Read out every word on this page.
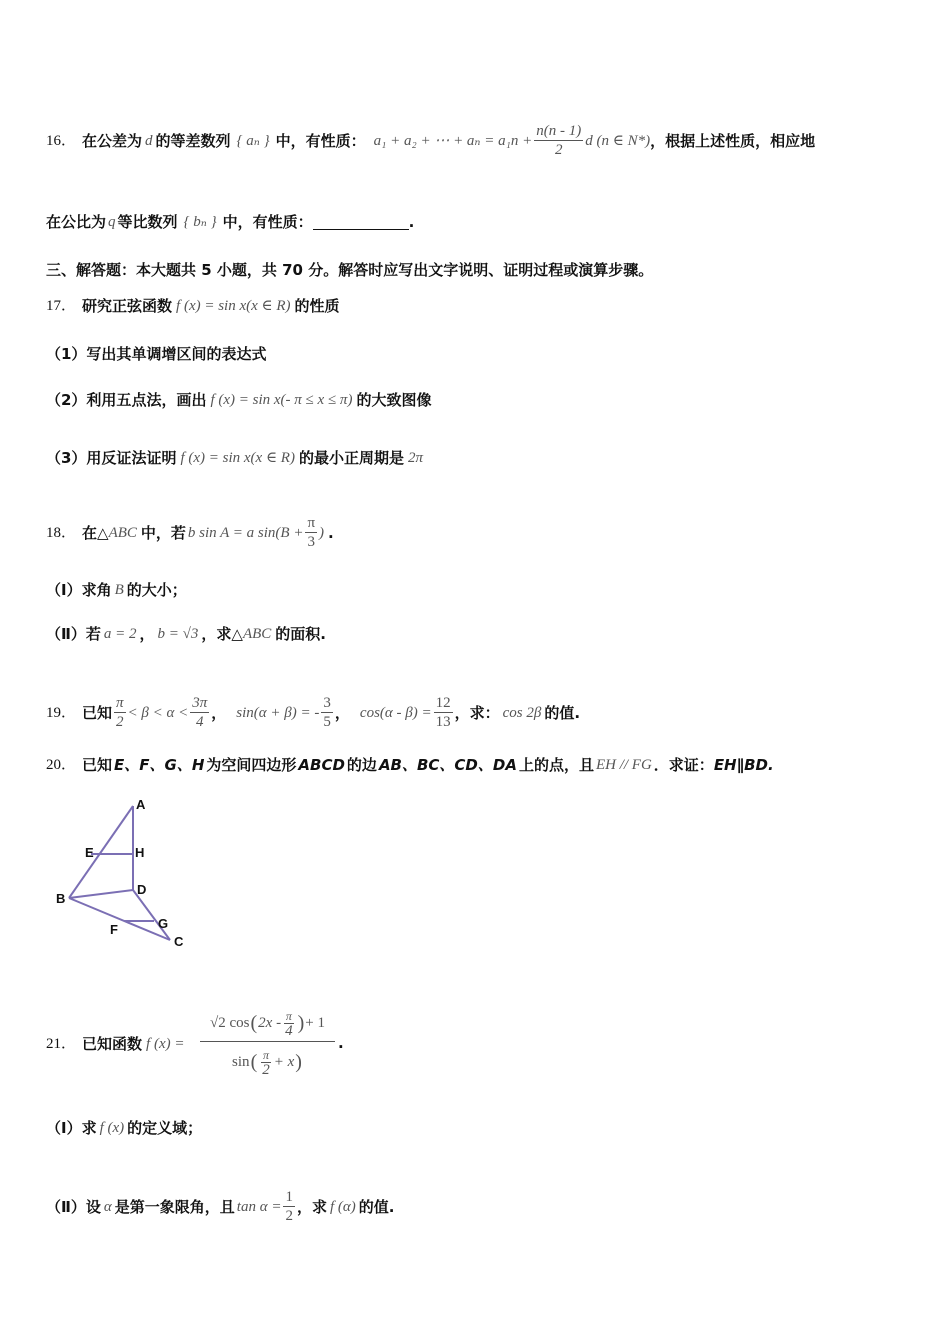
16． 在公差为 d 的等差数列 { aₙ } 中，有性质： a₁ + a₂ + ⋯ + $a_n = a_1n + \frac{n(n - 1)}{2}$ d (n ∈ N*) ，根据上述性质，相应地
在公比为 q 等比数列 { bₙ } 中，有性质：	.
三、解答题：本大题共 5 小题，共 70 分。解答时应写出文字说明、证明过程或演算步骤。
17． 研究正弦函数 f (x) = sin x(x ∈ R) 的性质
（1）写出其单调增区间的表达式
（2）利用五点法，画出 f (x) = sin x(- π ≤ x ≤ π) 的大致图像
（3）用反证法证明 f (x) = sin x(x ∈ R) 的最小正周期是 2π
18． 在△ ABC 中，若 b sin A = a $\sin(B + \frac{\pi}{3}$ ) .
（Ⅰ）求角 B 的大小；
（Ⅱ）若 a = 2 ， b = √3 ，求△ ABC 的面积.
19． 已知 $\frac{\pi}{2} < \beta < \alpha < \frac{3\pi}{4}$ ， sin(α + β) = - $\frac{3}{5}$ ， $\cos(\alpha - \beta) = \frac{12}{13}$ ，求： cos 2β 的值.
20． 已知 E、F、G、H 为空间四边形 ABCD 的边 AB、BC、CD、DA 上的点，且 EH // FG ．求证： EH∥BD.
A
E	H
B
D
F	G
C
21． 已知函数 f (x) =
√2 cos ( $2x - \frac{\pi}{4}$ ) + 1
sin ( $\frac{\pi}{2} + x$ )
.
（Ⅰ）求 f (x) 的定义域；
（Ⅱ）设 α 是第一象限角，且 $\tan \alpha = \frac{1}{2}$ ，求 f (α) 的值.
